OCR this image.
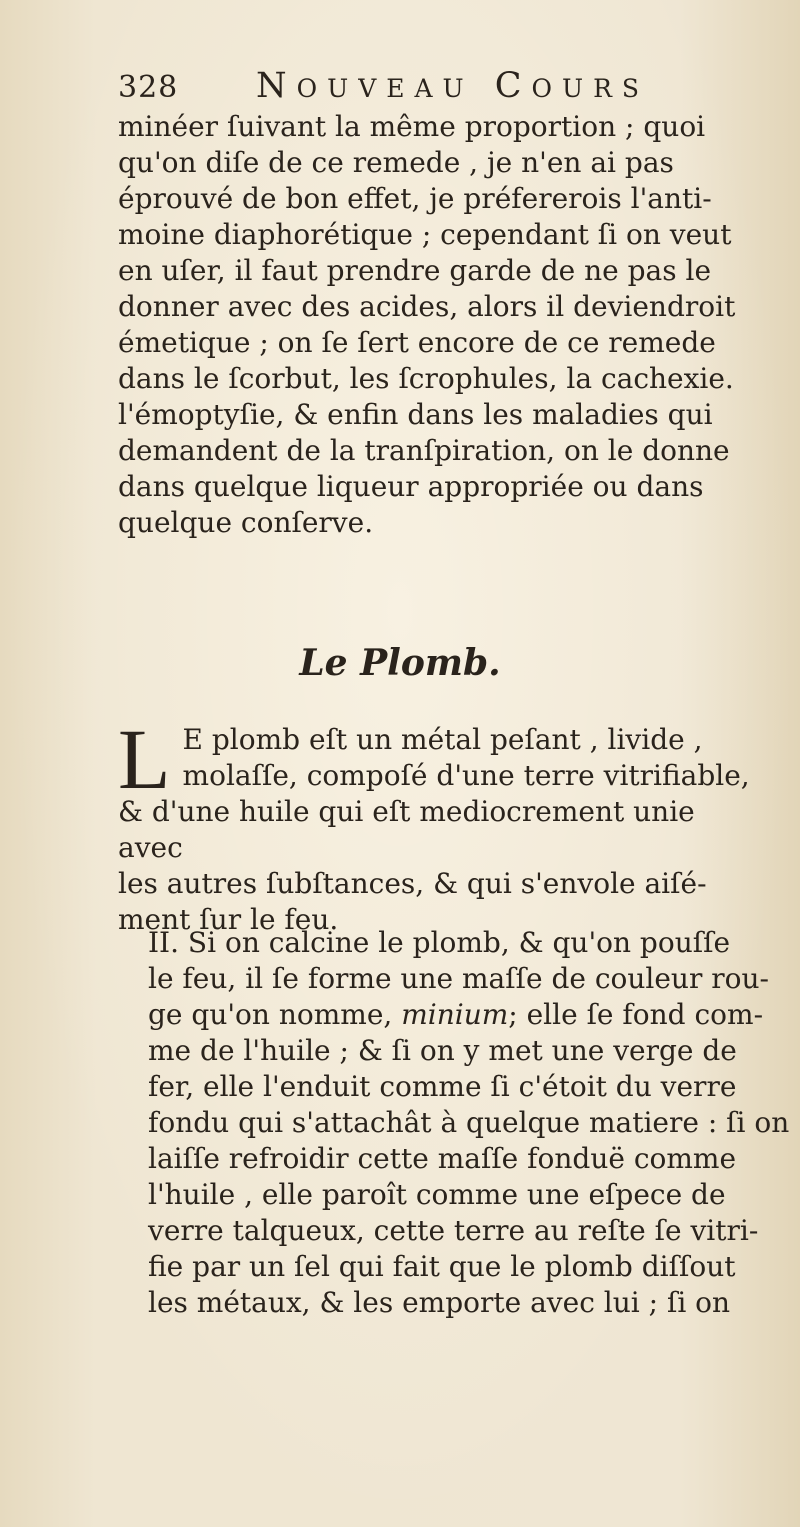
328 Nouveau Cours
minéer ſuivant la même proportion ; quoi
qu'on diſe de ce remede , je n'en ai pas
éprouvé de bon effet, je préfererois l'anti-
moine diaphorétique ; cependant ſi on veut
en uſer, il faut prendre garde de ne pas le
donner avec des acides, alors il deviendroit
émetique ; on ſe ſert encore de ce remede
dans le ſcorbut, les ſcrophules, la cachexie.
l'émoptyſie, & enfin dans les maladies qui
demandent de la tranſpiration, on le donne
dans quelque liqueur appropriée ou dans
quelque conſerve.
Le Plomb.
L E plomb eſt un métal peſant , livide ,
molaſſe, compoſé d'une terre vitrifiable,
& d'une huile qui eſt mediocrement unie avec
les autres ſubſtances, & qui s'envole aiſé-
ment ſur le feu.
II. Si on calcine le plomb, & qu'on pouſſe
le feu, il ſe forme une maſſe de couleur rou-
ge qu'on nomme, minium; elle ſe fond com-
me de l'huile ; & ſi on y met une verge de
fer, elle l'enduit comme ſi c'étoit du verre
fondu qui s'attachât à quelque matiere : ſi on
laiſſe refroidir cette maſſe fonduë comme
l'huile , elle paroît comme une eſpece de
verre talqueux, cette terre au reſte ſe vitri-
fie par un ſel qui fait que le plomb diſſout
les métaux, & les emporte avec lui ; ſi on
